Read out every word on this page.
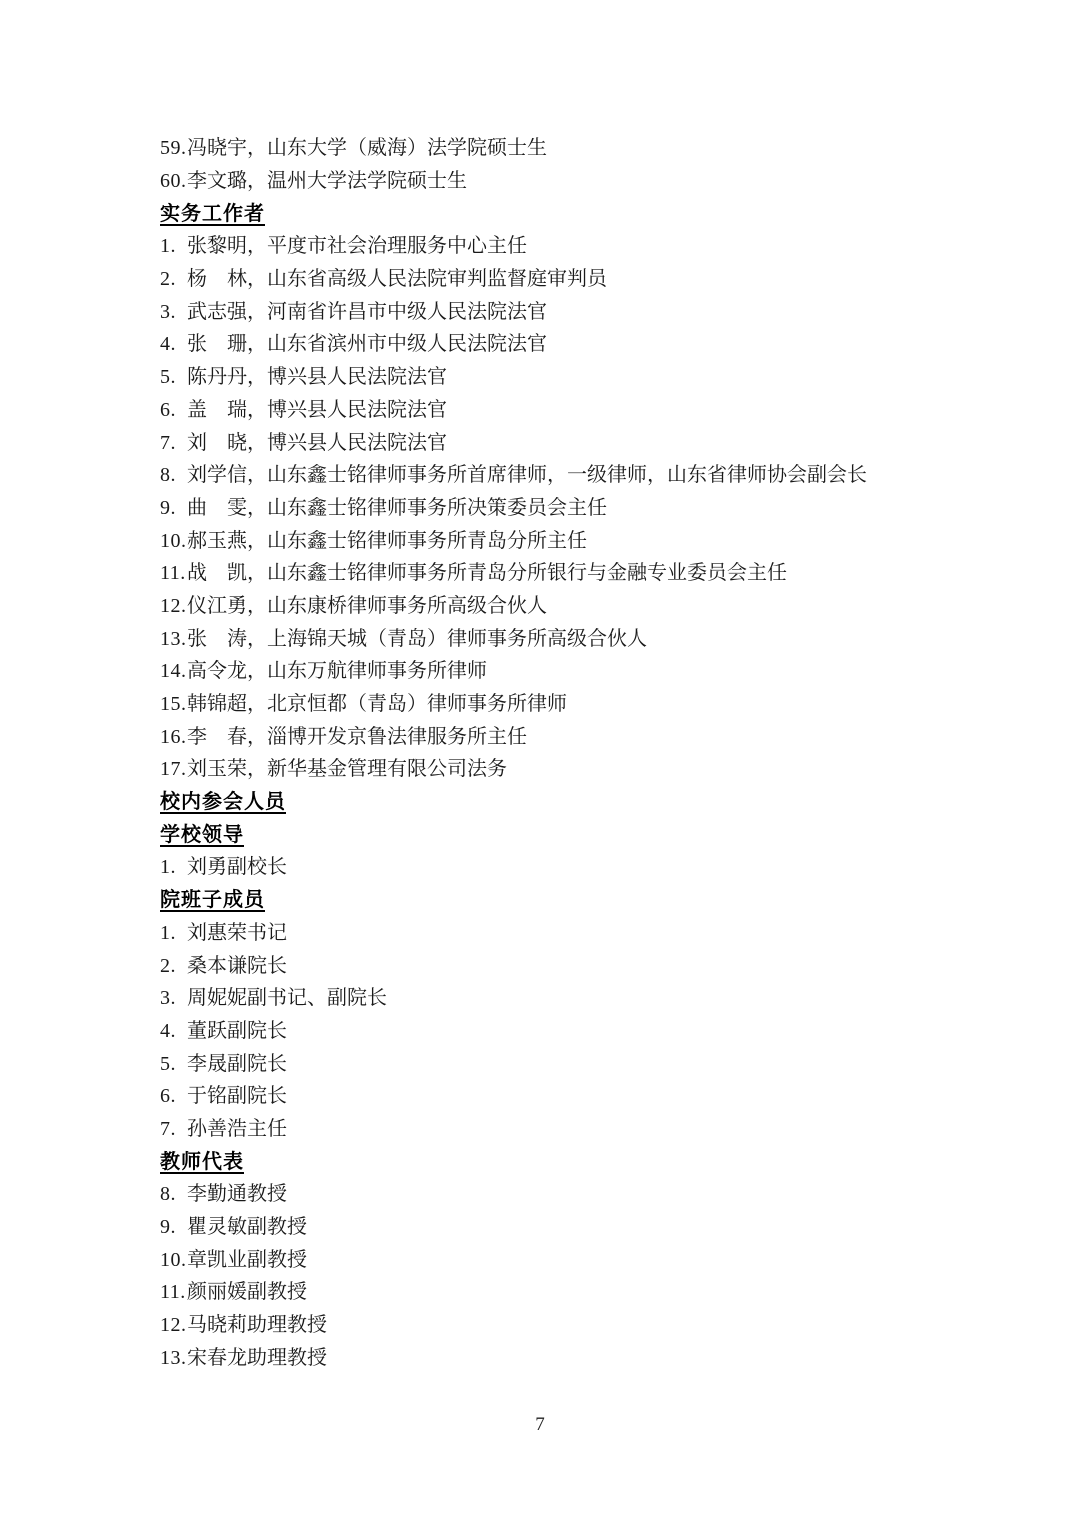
59. 冯晓宇，山东大学（威海）法学院硕士生
60. 李文璐，温州大学法学院硕士生
实务工作者
1. 张黎明，平度市社会治理服务中心主任
2. 杨　林，山东省高级人民法院审判监督庭审判员
3. 武志强，河南省许昌市中级人民法院法官
4. 张　珊，山东省滨州市中级人民法院法官
5. 陈丹丹，博兴县人民法院法官
6. 盖　瑞，博兴县人民法院法官
7. 刘　晓，博兴县人民法院法官
8. 刘学信，山东鑫士铭律师事务所首席律师，一级律师，山东省律师协会副会长
9. 曲　雯，山东鑫士铭律师事务所决策委员会主任
10. 郝玉燕，山东鑫士铭律师事务所青岛分所主任
11. 战　凯，山东鑫士铭律师事务所青岛分所银行与金融专业委员会主任
12. 仪江勇，山东康桥律师事务所高级合伙人
13. 张　涛，上海锦天城（青岛）律师事务所高级合伙人
14. 高令龙，山东万航律师事务所律师
15. 韩锦超，北京恒都（青岛）律师事务所律师
16. 李　春，淄博开发京鲁法律服务所主任
17. 刘玉荣，新华基金管理有限公司法务
校内参会人员
学校领导
1. 刘勇副校长
院班子成员
1. 刘惠荣书记
2. 桑本谦院长
3. 周妮妮副书记、副院长
4. 董跃副院长
5. 李晟副院长
6. 于铭副院长
7. 孙善浩主任
教师代表
8. 李勤通教授
9. 瞿灵敏副教授
10. 章凯业副教授
11. 颜丽媛副教授
12. 马晓莉助理教授
13. 宋春龙助理教授
7
